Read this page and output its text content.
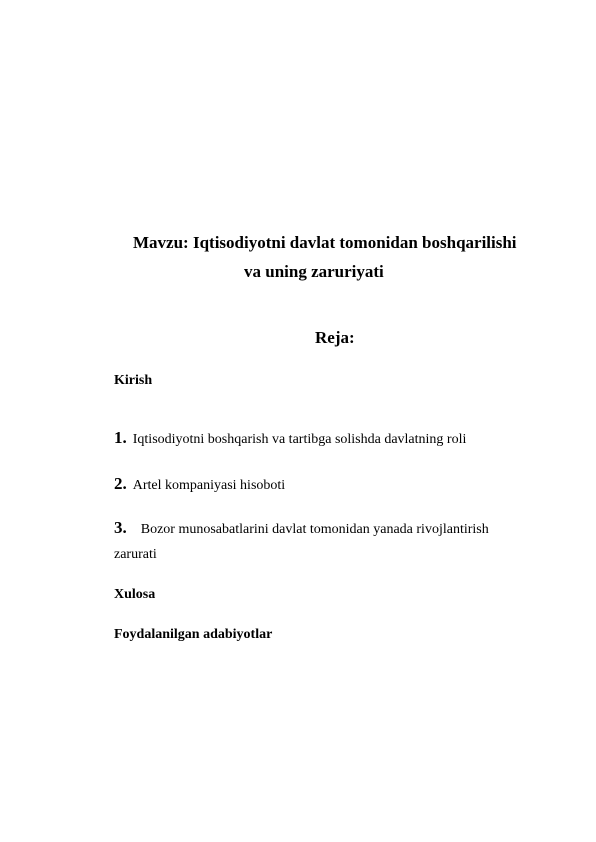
Mavzu: Iqtisodiyotni davlat tomonidan boshqarilishi
va uning zaruriyati
Reja:
Kirish
1. Iqtisodiyotni boshqarish va tartibga solishda davlatning roli
2. Artel kompaniyasi hisoboti
3. Bozor munosabatlarini davlat tomonidan yanada rivojlantirish
zarurati
Xulosa
Foydalanilgan adabiyotlar
